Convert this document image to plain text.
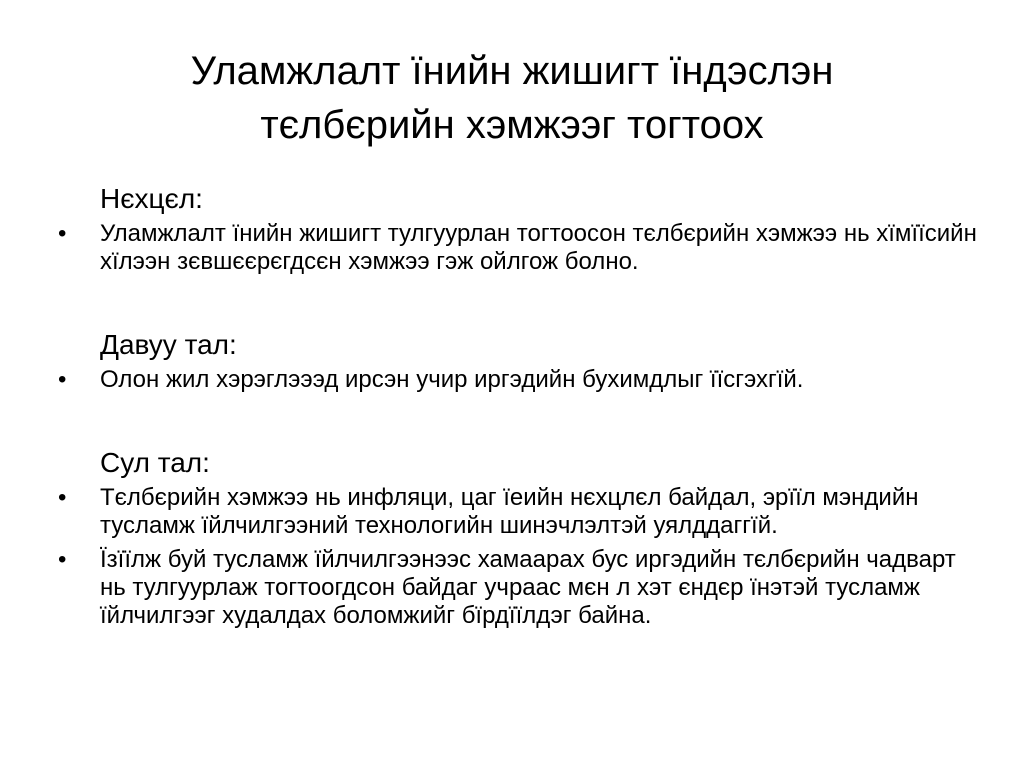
Уламжлалт їнийн жишигт їндэслэн
тєлбєрийн хэмжээг тогтоох
Нєхцєл:
•	Уламжлалт їнийн жишигт тулгуурлан тогтоосон тєлбєрийн хэмжээ нь хїмїїсийн хїлээн зєвшєєрєгдсєн хэмжээ гэж ойлгож болно.
Давуу тал:
•	Олон жил хэрэглэээд ирсэн учир иргэдийн бухимдлыг їїсгэхгїй.
Сул тал:
•	Тєлбєрийн хэмжээ нь инфляци, цаг їеийн нєхцлєл байдал, эрїїл мэндийн тусламж їйлчилгээний технологийн шинэчлэлтэй уялддаггїй.
•	Їзїїлж буй тусламж їйлчилгээнээс хамаарах бус иргэдийн тєлбєрийн чадварт нь тулгуурлаж тогтоогдсон байдаг учраас мєн л хэт єндєр їнэтэй тусламж їйлчилгээг худалдах боломжийг бїрдїїлдэг байна.
